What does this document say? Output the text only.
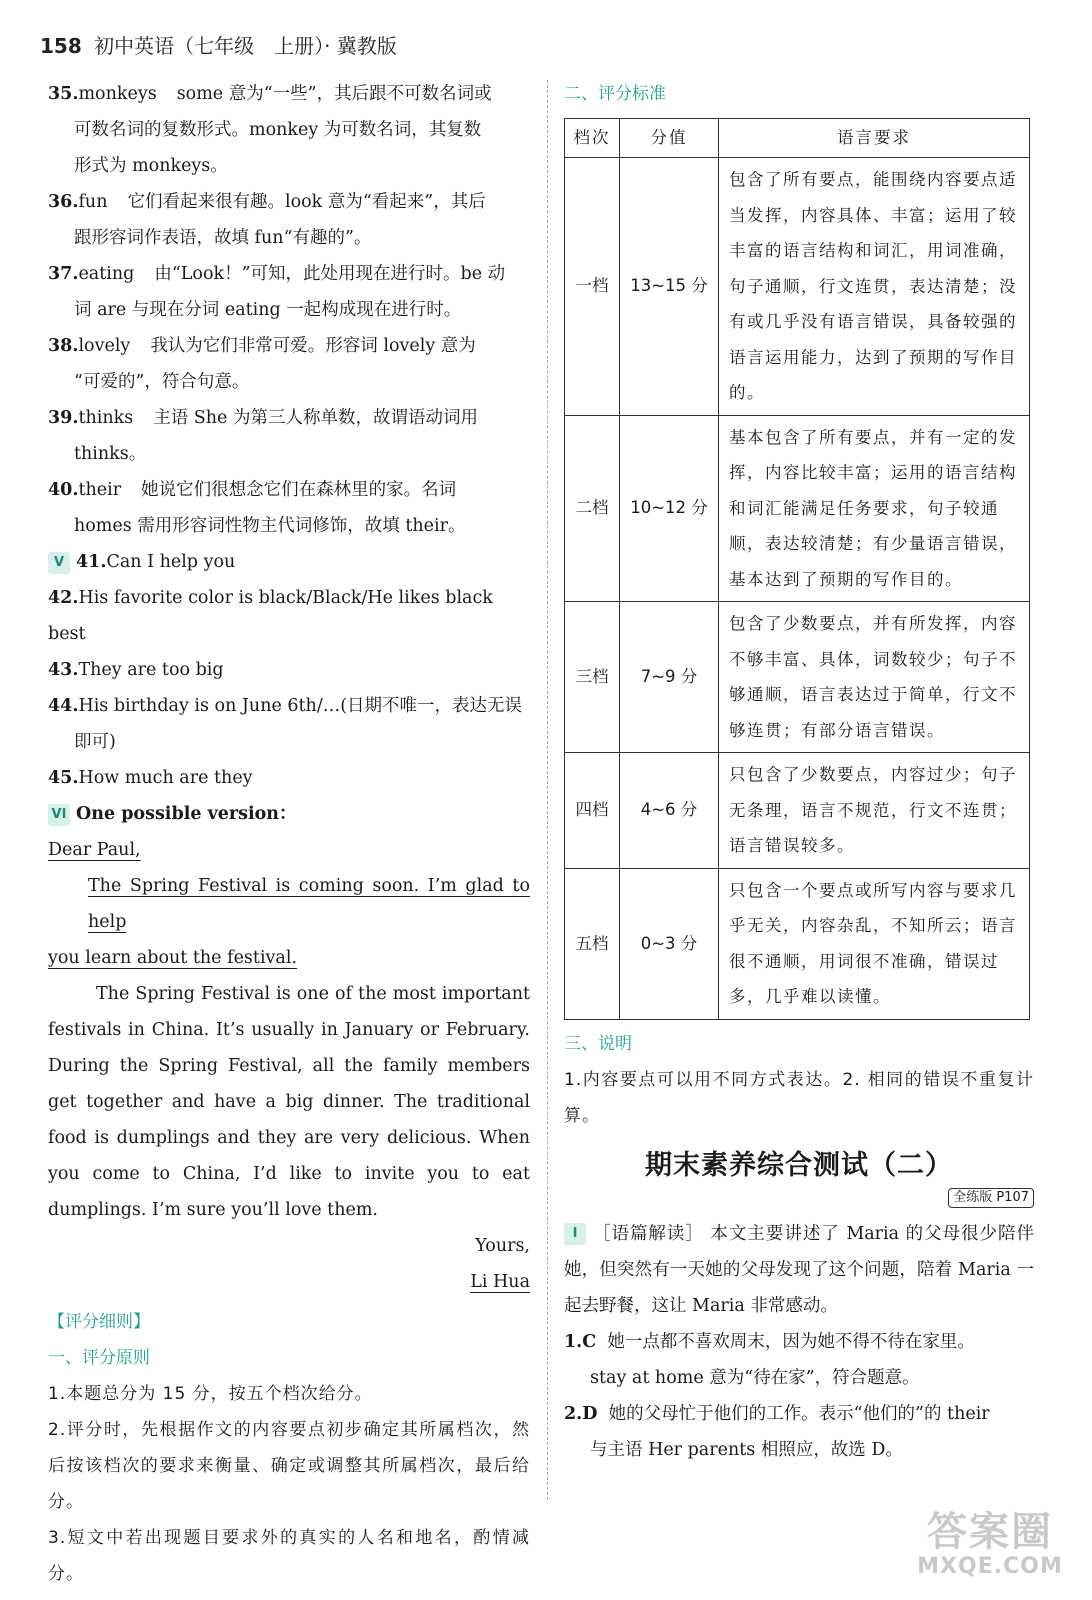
158 初中英语（七年级　上册）· 冀教版
35.monkeys some 意为“一些”，其后跟不可数名词或
可数名词的复数形式。monkey 为可数名词，其复数
形式为 monkeys。
36.fun 它们看起来很有趣。look 意为“看起来”，其后
跟形容词作表语，故填 fun“有趣的”。
37.eating 由“Look！”可知，此处用现在进行时。be 动
词 are 与现在分词 eating 一起构成现在进行时。
38.lovely 我认为它们非常可爱。形容词 lovely 意为
“可爱的”，符合句意。
39.thinks 主语 She 为第三人称单数，故谓语动词用
thinks。
40.their 她说它们很想念它们在森林里的家。名词
homes 需用形容词性物主代词修饰，故填 their。
V 41.Can I help you
42.His favorite color is black/Black/He likes black best
43.They are too big
44.His birthday is on June 6th/…(日期不唯一，表达无误
即可)
45.How much are they

VI One possible version：

Dear Paul,

The Spring Festival is coming soon. I’m glad to help

you learn about the festival.

The Spring Festival is one of the most important festivals in China. It’s usually in January or February. During the Spring Festival, all the family members get together and have a big dinner. The traditional food is dumplings and they are very delicious. When you come to China, I’d like to invite you to eat dumplings. I’m sure you’ll love them.

Yours,

Li Hua

【评分细则】
一、评分原则
1.本题总分为 15 分，按五个档次给分。
2.评分时，先根据作文的内容要点初步确定其所属档次，然后按该档次的要求来衡量、确定或调整其所属档次，最后给分。
3.短文中若出现题目要求外的真实的人名和地名，酌情减分。
二、评分标准
档次	分值	语言要求
一档	13~15 分	包含了所有要点，能围绕内容要点适当发挥，内容具体、丰富；运用了较丰富的语言结构和词汇，用词准确，句子通顺，行文连贯，表达清楚；没有或几乎没有语言错误，具备较强的语言运用能力，达到了预期的写作目的。
二档	10~12 分	基本包含了所有要点，并有一定的发挥，内容比较丰富；运用的语言结构和词汇能满足任务要求，句子较通顺，表达较清楚；有少量语言错误，基本达到了预期的写作目的。
三档	7~9 分	包含了少数要点，并有所发挥，内容不够丰富、具体，词数较少；句子不够通顺，语言表达过于简单，行文不够连贯；有部分语言错误。
四档	4~6 分	只包含了少数要点，内容过少；句子无条理，语言不规范，行文不连贯；语言错误较多。
五档	0~3 分	只包含一个要点或所写内容与要求几乎无关，内容杂乱，不知所云；语言很不通顺，用词很不准确，错误过多，几乎难以读懂。
三、说明
1.内容要点可以用不同方式表达。2. 相同的错误不重复计算。
期末素养综合测试（二）
全练版 P107
I ［语篇解读］ 本文主要讲述了 Maria 的父母很少陪伴她，但突然有一天她的父母发现了这个问题，陪着 Maria 一起去野餐，这让 Maria 非常感动。
1.C 她一点都不喜欢周末，因为她不得不待在家里。
stay at home 意为“待在家”，符合题意。
2.D 她的父母忙于他们的工作。表示“他们的”的 their
与主语 Her parents 相照应，故选 D。
答案圈
MXQE.COM
